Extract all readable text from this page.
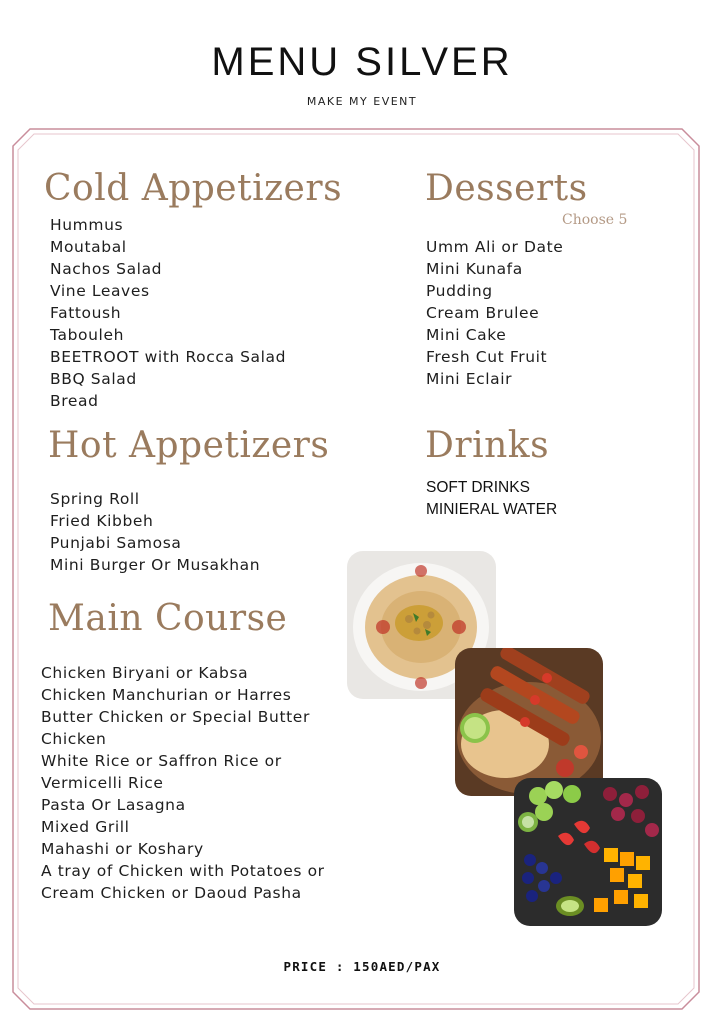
MENU SILVER
MAKE MY EVENT
Cold Appetizers
Hummus
Moutabal
Nachos Salad
Vine Leaves
Fattoush
Tabouleh
BEETROOT with Rocca Salad
BBQ Salad
Bread
Hot Appetizers
Spring Roll
Fried Kibbeh
Punjabi Samosa
Mini Burger Or Musakhan
Main Course
Chicken Biryani or Kabsa
Chicken Manchurian or Harres
Butter Chicken or Special Butter
Chicken
White Rice or Saffron Rice or
Vermicelli Rice
Pasta Or Lasagna
Mixed Grill
Mahashi or Koshary
A tray of Chicken with Potatoes or
Cream Chicken or Daoud Pasha
Desserts
Choose 5
Umm Ali or Date
Mini Kunafa
Pudding
Cream Brulee
Mini Cake
Fresh Cut Fruit
Mini Eclair
Drinks
SOFT DRINKS
MINIERAL WATER
PRICE : 150AED/PAX
